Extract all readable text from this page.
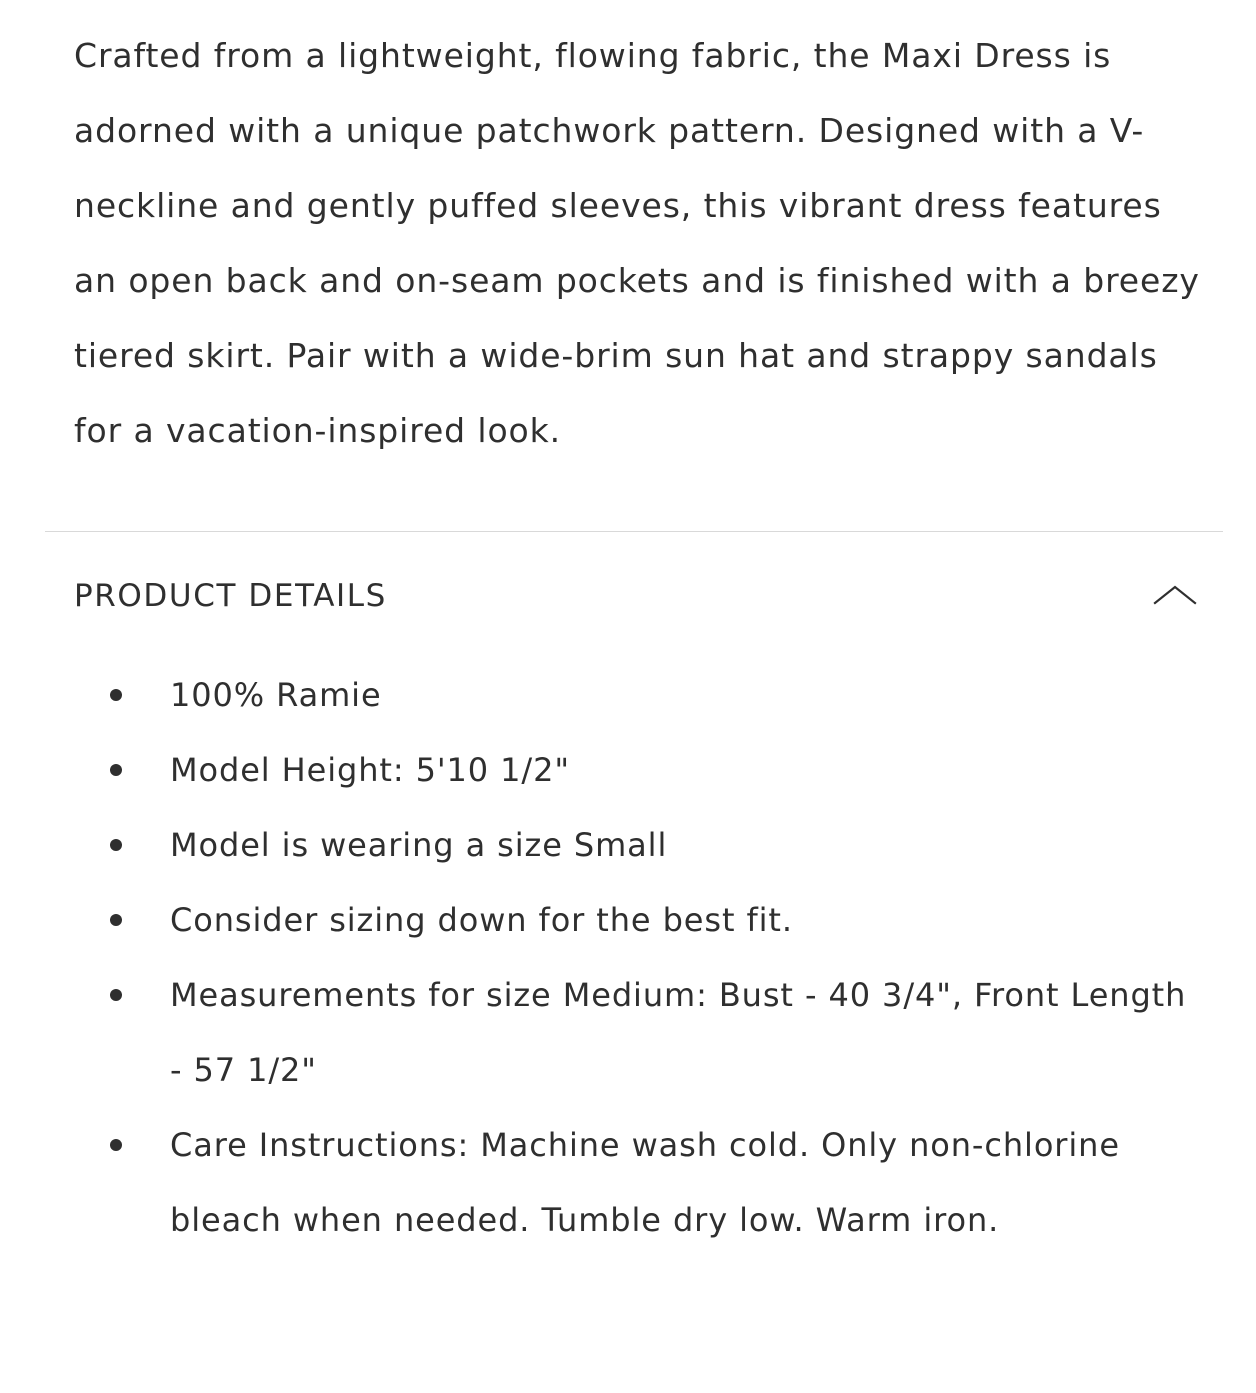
Crafted from a lightweight, flowing fabric, the Maxi Dress is adorned with a unique patchwork pattern. Designed with a V-neckline and gently puffed sleeves, this vibrant dress features an open back and on-seam pockets and is finished with a breezy tiered skirt. Pair with a wide-brim sun hat and strappy sandals for a vacation-inspired look.

PRODUCT DETAILS
100% Ramie
Model Height: 5'10 1/2"
Model is wearing a size Small
Consider sizing down for the best fit.
Measurements for size Medium: Bust - 40 3/4", Front Length - 57 1/2"
Care Instructions: Machine wash cold. Only non-chlorine bleach when needed. Tumble dry low. Warm iron.
